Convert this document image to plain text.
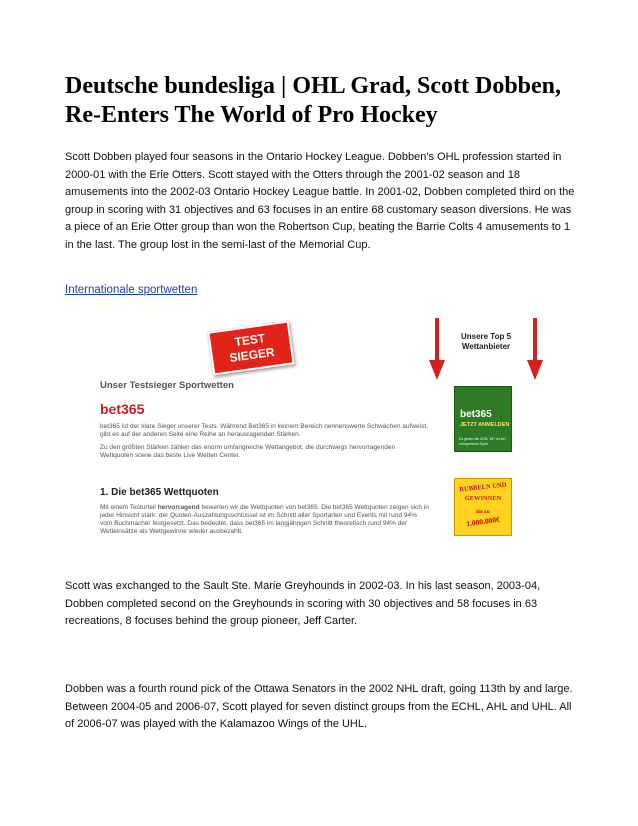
Deutsche bundesliga | OHL Grad, Scott Dobben, Re-Enters The World of Pro Hockey

Scott Dobben played four seasons in the Ontario Hockey League. Dobben's OHL profession started in 2000-01 with the Erie Otters. Scott stayed with the Otters through the 2001-02 season and 18 amusements into the 2002-03 Ontario Hockey League battle. In 2001-02, Dobben completed third on the group in scoring with 31 objectives and 63 focuses in an entire 68 customary season diversions. He was a piece of an Erie Otter group than won the Robertson Cup, beating the Barrie Colts 4 amusements to 1 in the last. The group lost in the semi-last of the Memorial Cup.

Internationale sportwetten
TEST
SIEGER
Unsere Top 5
Wettanbieter
Unser Testsieger Sportwetten
bet365
bet365 ist der klare Sieger unserer Tests. Während Bet365 in keinem Bereich nennenswerte Schwächen aufweist, gibt es auf der anderen Seite eine Reihe an herausragenden Stärken.
Zu den größten Stärken zählen das enorm umfangreiche Wettangebot, die durchwegs hervorragenden Wettquoten sowie das beste Live Wetten Center.
1. Die bet365 Wettquoten
Mit einem Testurteil hervorragend bewerten wir die Wettquoten von bet365. Die bet365 Wettquoten zeigen sich in jeder Hinsicht stark: der Quoten-Auszahlungsschlüssel ist im Schnitt aller Sportarten und Events mit rund 94% vom Buchmacher festgesetzt. Das bedeutet, dass bet365 im langjährigen Schnitt theoretisch rund 94% der Wetteinsätze als Wettgewinne wieder ausbezahlt.
bet365
JETZT ANMELDEN
Es gelten die AGB. 18+ ist ein erfolgreiches Spiel
RUBBELN UND
GEWINNEN
bis zu
1.000.000€

Scott was exchanged to the Sault Ste. Marie Greyhounds in 2002-03. In his last season, 2003-04, Dobben completed second on the Greyhounds in scoring with 30 objectives and 58 focuses in 63 recreations, 8 focuses behind the group pioneer, Jeff Carter.

Dobben was a fourth round pick of the Ottawa Senators in the 2002 NHL draft, going 113th by and large. Between 2004-05 and 2006-07, Scott played for seven distinct groups from the ECHL, AHL and UHL. All of 2006-07 was played with the Kalamazoo Wings of the UHL.
